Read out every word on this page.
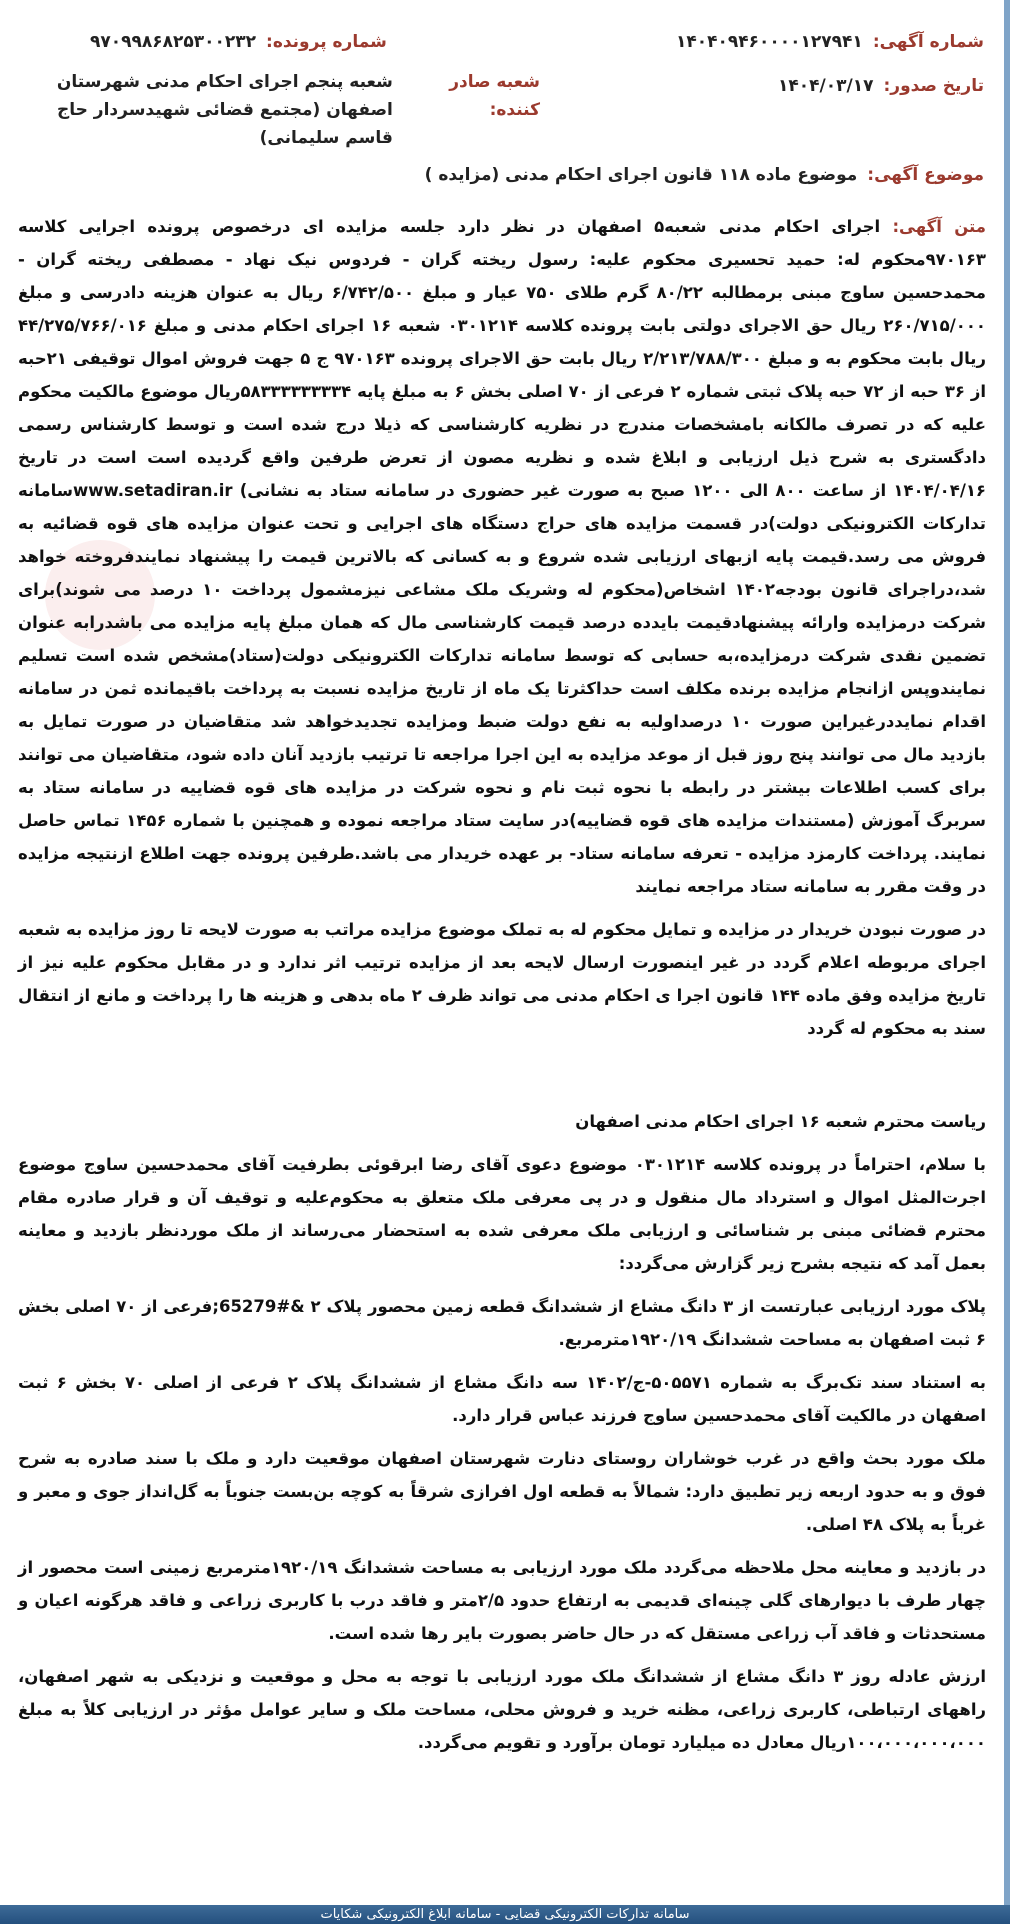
شماره آگهی:
۱۴۰۴۰۹۴۶۰۰۰۰۱۲۷۹۴۱
شماره پرونده:
۹۷۰۹۹۸۶۸۲۵۳۰۰۲۳۲
تاریخ صدور:
۱۴۰۴/۰۳/۱۷
شعبه صادر کننده:
شعبه پنجم اجرای احکام مدنی شهرستان اصفهان (مجتمع قضائی شهیدسردار حاج قاسم سلیمانی)
موضوع آگهی:
موضوع ماده ۱۱۸ قانون اجرای احکام مدنی (مزایده )

متن آگهی: اجرای احکام مدنی شعبه۵ اصفهان در نظر دارد جلسه مزایده ای درخصوص پرونده اجرایی کلاسه ۹۷۰۱۶۳محکوم له: حمید تحسیری محکوم علیه: رسول ریخته گران - فردوس نیک نهاد - مصطفی ریخته گران - محمدحسین ساوج مبنی برمطالبه ۸۰/۲۲ گرم طلای ۷۵۰ عیار و مبلغ ۶/۷۴۲/۵۰۰ ریال به عنوان هزینه دادرسی و مبلغ ۲۶۰/۷۱۵/۰۰۰ ریال حق الاجرای دولتی بابت پرونده کلاسه ۰۳۰۱۲۱۴ شعبه ۱۶ اجرای احکام مدنی و مبلغ ۴۴/۲۷۵/۷۶۶/۰۱۶ ریال بابت محکوم به و مبلغ ۲/۲۱۳/۷۸۸/۳۰۰ ریال بابت حق الاجرای پرونده ۹۷۰۱۶۳ ج ۵ جهت فروش اموال توقیفی ۲۱حبه از ۳۶ حبه از ۷۲ حبه پلاک ثبتی شماره ۲ فرعی از ۷۰ اصلی بخش ۶ به مبلغ پایه ۵۸۳۳۳۳۳۳۳۳۴ریال موضوع مالکیت محکوم علیه که در تصرف مالکانه بامشخصات مندرج در نظریه کارشناسی که ذیلا درج شده است و توسط کارشناس رسمی دادگستری به شرح ذیل ارزیابی و ابلاغ شده و نظریه مصون از تعرض طرفین واقع گردیده است است در تاریخ ۱۴۰۴/۰۴/۱۶ از ساعت ۸۰۰ الی ۱۲۰۰ صبح به صورت غیر حضوری در سامانه ستاد به نشانی) www.setadiran.irسامانه تدارکات الکترونیکی دولت)در قسمت مزایده های حراج دستگاه های اجرایی و تحت عنوان مزایده های قوه قضائیه به فروش می رسد.قیمت پایه ازبهای ارزیابی شده شروع و به کسانی که بالاترین قیمت را پیشنهاد نمایندفروخته خواهد شد،دراجرای قانون بودجه۱۴۰۲ اشخاص(محکوم له وشریک ملک مشاعی نیزمشمول پرداخت ۱۰ درصد می شوند)برای شرکت درمزایده وارائه پیشنهادقیمت بایدده درصد قیمت کارشناسی مال که همان مبلغ پایه مزایده می باشدرابه عنوان تضمین نقدی شرکت درمزایده،به حسابی که توسط سامانه تدارکات الکترونیکی دولت(ستاد)مشخص شده است تسلیم نمایندوپس ازانجام مزایده برنده مکلف است حداکثرتا یک ماه از تاریخ مزایده نسبت به پرداخت باقیمانده ثمن در سامانه اقدام نمایددرغیراین صورت ۱۰ درصداولیه به نفع دولت ضبط ومزایده تجدیدخواهد شد متقاضیان در صورت تمایل به بازدید مال می توانند پنج روز قبل از موعد مزایده به این اجرا مراجعه تا ترتیب بازدید آنان داده شود، متقاضیان می توانند برای کسب اطلاعات بیشتر در رابطه با نحوه ثبت نام و نحوه شرکت در مزایده های قوه قضاییه در سامانه ستاد به سربرگ آموزش (مستندات مزایده های قوه قضاییه)در سایت ستاد مراجعه نموده و همچنین با شماره ۱۴۵۶ تماس حاصل نمایند. پرداخت کارمزد مزایده - تعرفه سامانه ستاد- بر عهده خریدار می باشد.طرفین پرونده جهت اطلاع ازنتیجه مزایده در وقت مقرر به سامانه ستاد مراجعه نمایند

در صورت نبودن خریدار در مزایده و تمایل محکوم له به تملک موضوع مزایده مراتب به صورت لایحه تا روز مزایده به شعبه اجرای مربوطه اعلام گردد در غیر اینصورت ارسال لایحه بعد از مزایده ترتیب اثر ندارد و در مقابل محکوم علیه نیز از تاریخ مزایده وفق ماده ۱۴۴ قانون اجرا ی احکام مدنی می تواند ظرف ۲ ماه بدهی و هزینه ها را پرداخت و مانع از انتقال سند به محکوم له گردد

ریاست محترم شعبه ۱۶ اجرای احکام مدنی اصفهان

با سلام، احتراماً در پرونده کلاسه ۰۳۰۱۲۱۴ موضوع دعوی آقای رضا ابرقوئی بطرفیت آقای محمدحسین ساوج موضوع اجرت‌المثل اموال و استرداد مال منقول و در پی معرفی ملک متعلق به محکوم‌علیه و توقیف آن و قرار صادره مقام محترم قضائی مبنی بر شناسائی و ارزیابی ملک معرفی شده به استحضار می‌رساند از ملک موردنظر بازدید و معاینه بعمل آمد که نتیجه بشرح زیر گزارش می‌گردد:

پلاک مورد ارزیابی عبارتست از ۳ دانگ مشاع از ششدانگ قطعه زمین محصور پلاک ۲ &#65279;فرعی از ۷۰ اصلی بخش ۶ ثبت اصفهان به مساحت ششدانگ ۱۹۲۰/۱۹مترمربع.

به استناد سند تک‌برگ به شماره ۵۰۵۵۷۱-ج/۱۴۰۲ سه دانگ مشاع از ششدانگ پلاک ۲ فرعی از اصلی ۷۰ بخش ۶ ثبت اصفهان در مالکیت آقای محمدحسین ساوج فرزند عباس قرار دارد.

ملک مورد بحث واقع در غرب خوشاران روستای دنارت شهرستان اصفهان موقعیت دارد و ملک با سند صادره به شرح فوق و به حدود اربعه زیر تطبیق دارد: شمالاً به قطعه اول افرازی شرقاً به کوچه بن‌بست جنوباً به گل‌انداز جوی و معبر و غرباً به پلاک ۴۸ اصلی.

در بازدید و معاینه محل ملاحظه می‌گردد ملک مورد ارزیابی به مساحت ششدانگ ۱۹۲۰/۱۹مترمربع زمینی است محصور از چهار طرف با دیوارهای گلی چینه‌ای قدیمی به ارتفاع حدود ۲/۵متر و فاقد درب با کاربری زراعی و فاقد هرگونه اعیان و مستحدثات و فاقد آب زراعی مستقل که در حال حاضر بصورت بایر رها شده است.

ارزش عادله روز ۳ دانگ مشاع از ششدانگ ملک مورد ارزیابی با توجه به محل و موقعیت و نزدیکی به شهر اصفهان، راههای ارتباطی، کاربری زراعی، مظنه خرید و فروش محلی، مساحت ملک و سایر عوامل مؤثر در ارزیابی کلاً به مبلغ ۱۰۰،۰۰۰،۰۰۰،۰۰۰ریال معادل ده میلیارد تومان برآورد و تقویم می‌گردد.

سامانه تدارکات الکترونیکی قضایی - سامانه ابلاغ الکترونیکی شکایات
